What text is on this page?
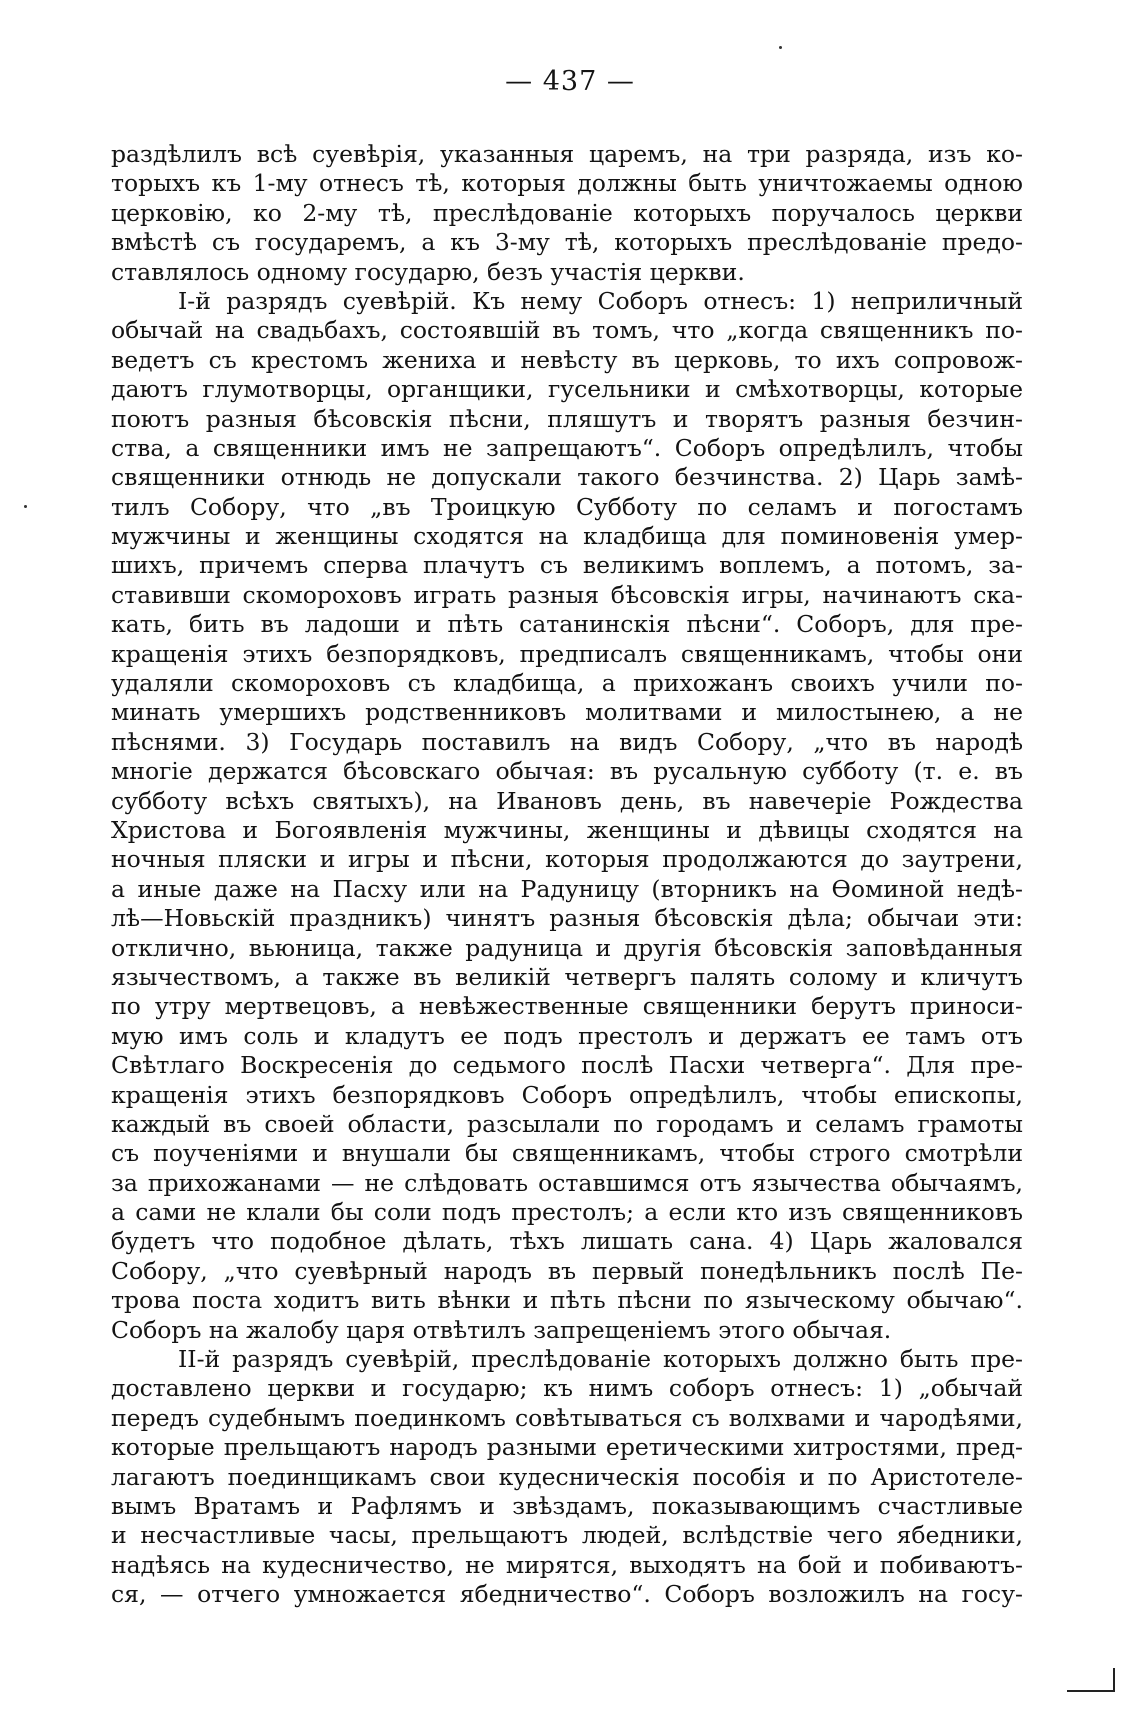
— 437 —
раздѣлилъ всѣ суевѣрія, указанныя царемъ, на три разряда, изъ ко-
торыхъ къ 1-му отнесъ тѣ, которыя должны быть уничтожаемы одною
церковію, ко 2-му тѣ, преслѣдованіе которыхъ поручалось церкви
вмѣстѣ съ государемъ, а къ 3-му тѣ, которыхъ преслѣдованіе предо-
ставлялось одному государю, безъ участія церкви.
I-й разрядъ суевѣрій. Къ нему Соборъ отнесъ: 1) неприличный
обычай на свадьбахъ, состоявшій въ томъ, что „когда священникъ по-
ведетъ съ крестомъ жениха и невѣсту въ церковь, то ихъ сопровож-
даютъ глумотворцы, органщики, гусельники и смѣхотворцы, которые
поютъ разныя бѣсовскія пѣсни, пляшутъ и творятъ разныя безчин-
ства, а священники имъ не запрещаютъ“. Соборъ опредѣлилъ, чтобы
священники отнюдь не допускали такого безчинства. 2) Царь замѣ-
тилъ Собору, что „въ Троицкую Субботу по селамъ и погостамъ
мужчины и женщины сходятся на кладбища для поминовенія умер-
шихъ, причемъ сперва плачутъ съ великимъ воплемъ, а потомъ, за-
ставивши скомороховъ играть разныя бѣсовскія игры, начинаютъ ска-
кать, бить въ ладоши и пѣть сатанинскія пѣсни“. Соборъ, для пре-
кращенія этихъ безпорядковъ, предписалъ священникамъ, чтобы они
удаляли скомороховъ съ кладбища, а прихожанъ своихъ учили по-
минать умершихъ родственниковъ молитвами и милостынею, а не
пѣснями. 3) Государь поставилъ на видъ Собору, „что въ народѣ
многіе держатся бѣсовскаго обычая: въ русальную субботу (т. е. въ
субботу всѣхъ святыхъ), на Ивановъ день, въ навечеріе Рождества
Христова и Богоявленія мужчины, женщины и дѣвицы сходятся на
ночныя пляски и игры и пѣсни, которыя продолжаются до заутрени,
а иные даже на Пасху или на Радуницу (вторникъ на Ѳоминой недѣ-
лѣ—Новьскій праздникъ) чинятъ разныя бѣсовскія дѣла; обычаи эти:
отклично, вьюница, также радуница и другія бѣсовскія заповѣданныя
язычествомъ, а также въ великій четвергъ палять солому и кличутъ
по утру мертвецовъ, а невѣжественные священники берутъ приноси-
мую имъ соль и кладутъ ее подъ престолъ и держатъ ее тамъ отъ
Свѣтлаго Воскресенія до седьмого послѣ Пасхи четверга“. Для пре-
кращенія этихъ безпорядковъ Соборъ опредѣлилъ, чтобы епископы,
каждый въ своей области, разсылали по городамъ и селамъ грамоты
съ поученіями и внушали бы священникамъ, чтобы строго смотрѣли
за прихожанами — не слѣдовать оставшимся отъ язычества обычаямъ,
а сами не клали бы соли подъ престолъ; а если кто изъ священниковъ
будетъ что подобное дѣлать, тѣхъ лишать сана. 4) Царь жаловался
Собору, „что суевѣрный народъ въ первый понедѣльникъ послѣ Пе-
трова поста ходитъ вить вѣнки и пѣть пѣсни по языческому обычаю“.
Соборъ на жалобу царя отвѣтилъ запрещеніемъ этого обычая.
II-й разрядъ суевѣрій, преслѣдованіе которыхъ должно быть пре-
доставлено церкви и государю; къ нимъ соборъ отнесъ: 1) „обычай
передъ судебнымъ поединкомъ совѣтываться съ волхвами и чародѣями,
которые прельщаютъ народъ разными еретическими хитростями, пред-
лагаютъ поединщикамъ свои кудесническія пособія и по Аристотеле-
вымъ Вратамъ и Рафлямъ и звѣздамъ, показывающимъ счастливые
и несчастливые часы, прельщаютъ людей, вслѣдствіе чего ябедники,
надѣясь на кудесничество, не мирятся, выходятъ на бой и побиваютъ-
ся, — отчего умножается ябедничество“. Соборъ возложилъ на госу-
